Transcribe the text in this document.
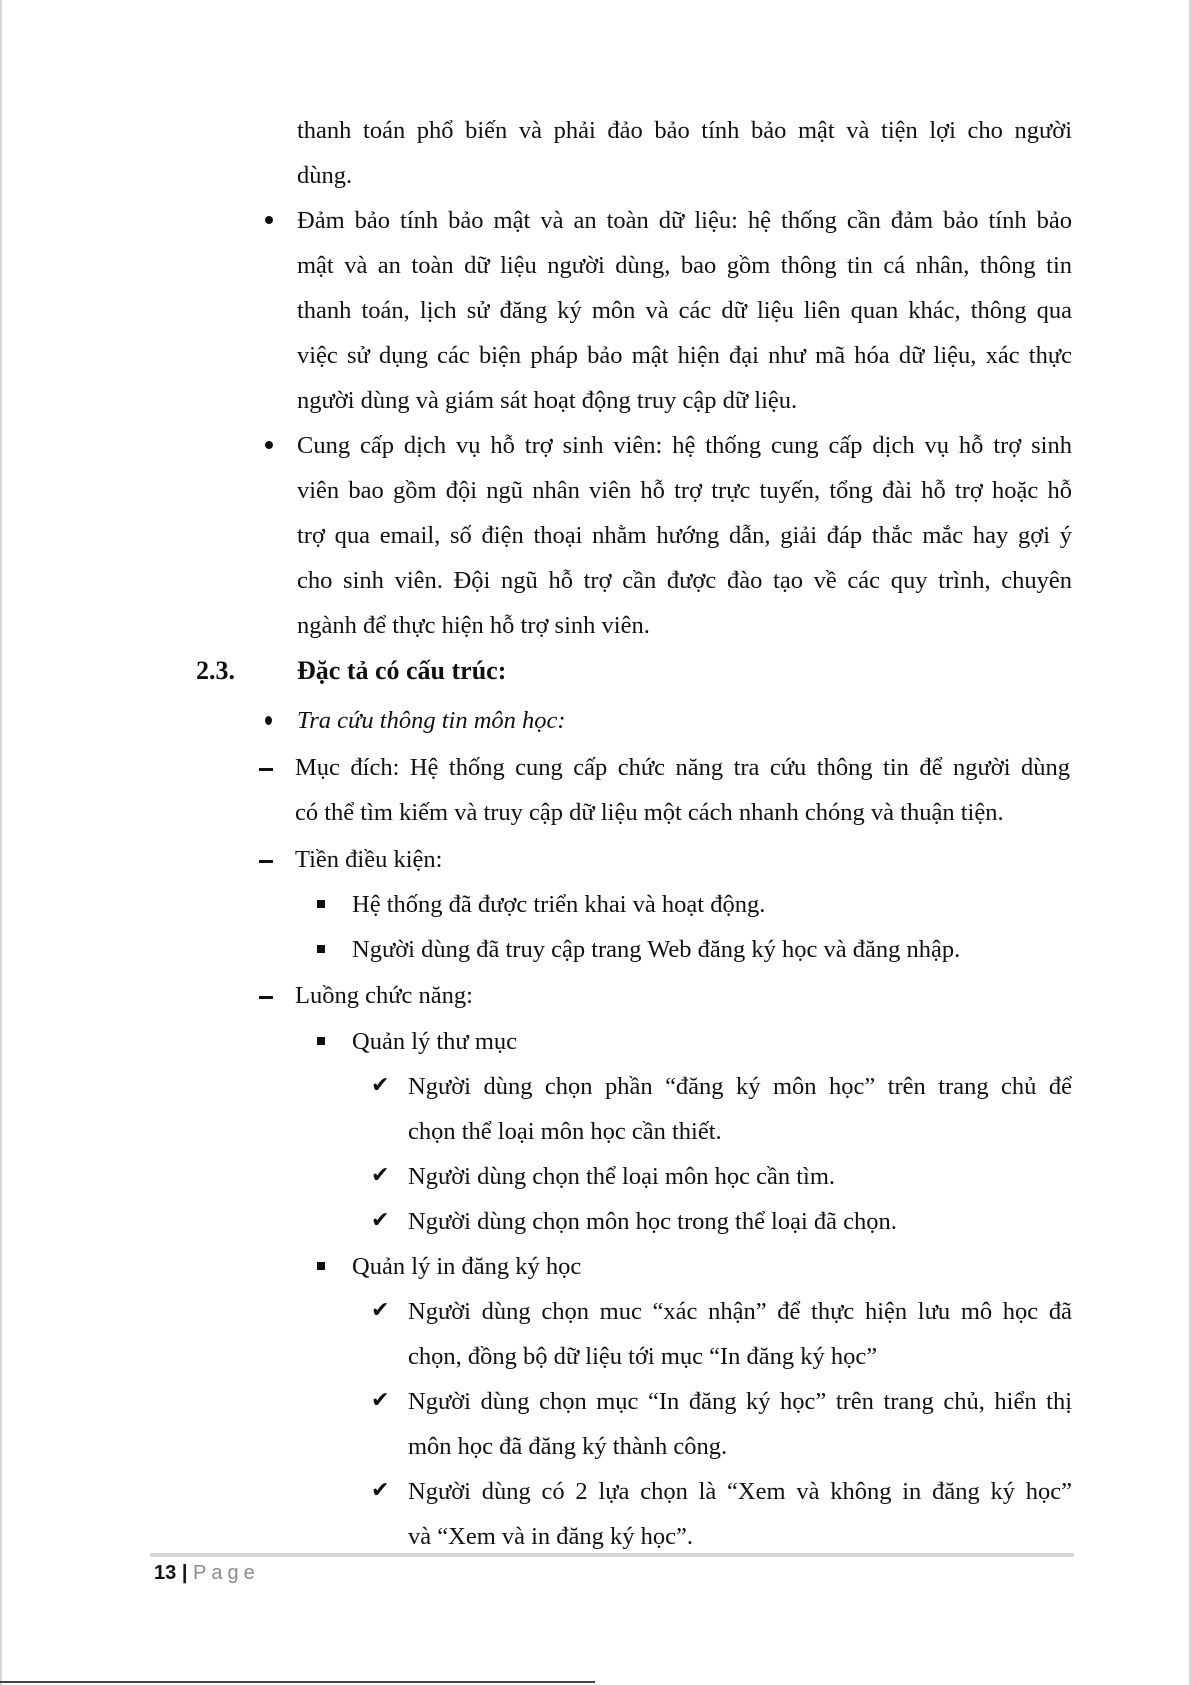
thanh toán phổ biến và phải đảo bảo tính bảo mật và tiện lợi cho người
dùng.
Đảm bảo tính bảo mật và an toàn dữ liệu: hệ thống cần đảm bảo tính bảo
mật và an toàn dữ liệu người dùng, bao gồm thông tin cá nhân, thông tin
thanh toán, lịch sử đăng ký môn và các dữ liệu liên quan khác, thông qua
việc sử dụng các biện pháp bảo mật hiện đại như mã hóa dữ liệu, xác thực
người dùng và giám sát hoạt động truy cập dữ liệu.
Cung cấp dịch vụ hỗ trợ sinh viên: hệ thống cung cấp dịch vụ hỗ trợ sinh
viên bao gồm đội ngũ nhân viên hỗ trợ trực tuyến, tổng đài hỗ trợ hoặc hỗ
trợ qua email, số điện thoại nhằm hướng dẫn, giải đáp thắc mắc hay gợi ý
cho sinh viên. Đội ngũ hỗ trợ cần được đào tạo về các quy trình, chuyên
ngành để thực hiện hỗ trợ sinh viên.
2.3. Đặc tả có cấu trúc:
Tra cứu thông tin môn học:
Mục đích: Hệ thống cung cấp chức năng tra cứu thông tin để người dùng
có thể tìm kiếm và truy cập dữ liệu một cách nhanh chóng và thuận tiện.
Tiền điều kiện:
Hệ thống đã được triển khai và hoạt động.
Người dùng đã truy cập trang Web đăng ký học và đăng nhập.
Luồng chức năng:
Quản lý thư mục
✔ Người dùng chọn phần “đăng ký môn học” trên trang chủ để
chọn thể loại môn học cần thiết.
✔ Người dùng chọn thể loại môn học cần tìm.
✔ Người dùng chọn môn học trong thể loại đã chọn.
Quản lý in đăng ký học
✔ Người dùng chọn muc “xác nhận” để thực hiện lưu mô học đã
chọn, đồng bộ dữ liệu tới mục “In đăng ký học”
✔ Người dùng chọn mục “In đăng ký học” trên trang chủ, hiển thị
môn học đã đăng ký thành công.
✔ Người dùng có 2 lựa chọn là “Xem và không in đăng ký học”
và “Xem và in đăng ký học”.
13 | Page
